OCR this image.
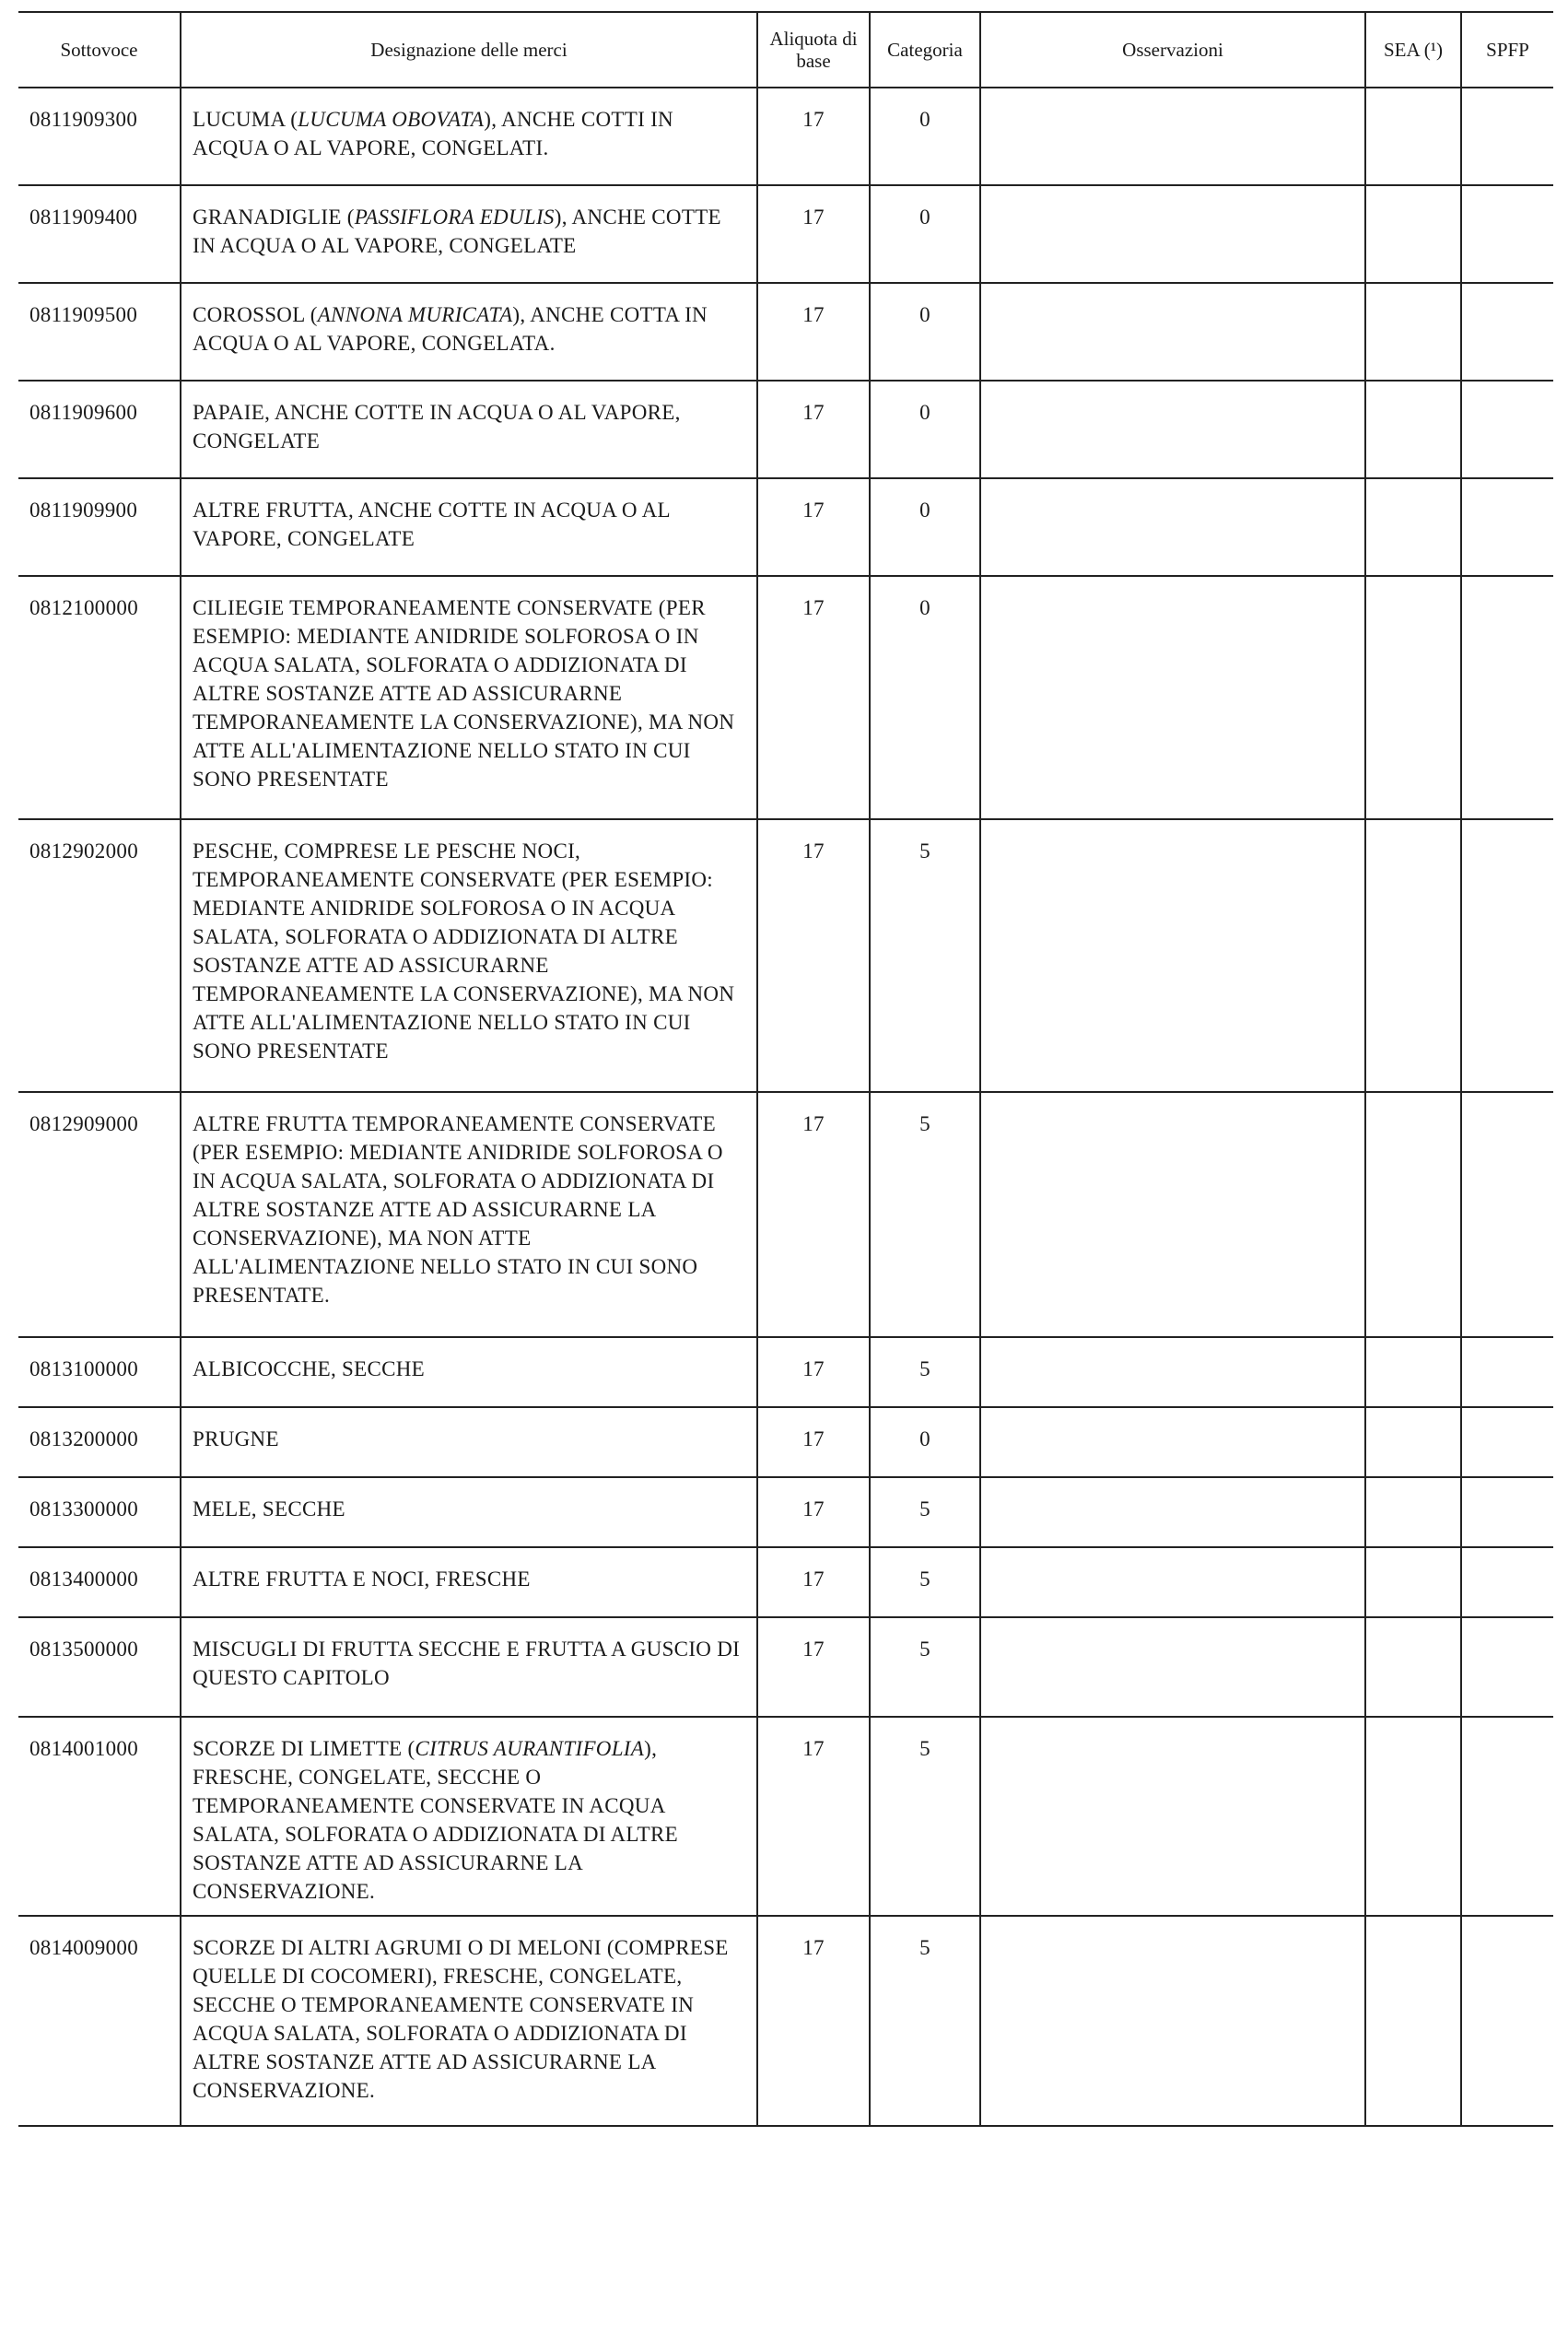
Sottovoce	Designazione delle merci	Aliquota di base	Categoria	Osservazioni	SEA (¹)	SPFP
0811909300	LUCUMA (LUCUMA OBOVATA), ANCHE COTTI IN ACQUA O AL VAPORE, CONGELATI.	17	0			
0811909400	GRANADIGLIE (PASSIFLORA EDULIS), ANCHE COTTE IN ACQUA O AL VAPORE, CONGELATE	17	0			
0811909500	COROSSOL (ANNONA MURICATA), ANCHE COTTA IN ACQUA O AL VAPORE, CONGELATA.	17	0			
0811909600	PAPAIE, ANCHE COTTE IN ACQUA O AL VAPORE, CONGELATE	17	0			
0811909900	ALTRE FRUTTA, ANCHE COTTE IN ACQUA O AL VAPORE, CONGELATE	17	0			
0812100000	CILIEGIE TEMPORANEAMENTE CONSERVATE (PER ESEMPIO: MEDIANTE ANIDRIDE SOLFOROSA O IN ACQUA SALATA, SOLFORATA O ADDIZIONATA DI ALTRE SOSTANZE ATTE AD ASSICURARNE TEMPORANEAMENTE LA CONSERVAZIONE), MA NON ATTE ALL'ALIMENTAZIONE NELLO STATO IN CUI SONO PRESENTATE	17	0			
0812902000	PESCHE, COMPRESE LE PESCHE NOCI, TEMPORANEAMENTE CONSERVATE (PER ESEMPIO: MEDIANTE ANIDRIDE SOLFOROSA O IN ACQUA SALATA, SOLFORATA O ADDIZIONATA DI ALTRE SOSTANZE ATTE AD ASSICURARNE TEMPORANEAMENTE LA CONSERVAZIONE), MA NON ATTE ALL'ALIMENTAZIONE NELLO STATO IN CUI SONO PRESENTATE	17	5			
0812909000	ALTRE FRUTTA TEMPORANEAMENTE CONSERVATE (PER ESEMPIO: MEDIANTE ANIDRIDE SOLFOROSA O IN ACQUA SALATA, SOLFORATA O ADDIZIONATA DI ALTRE SOSTANZE ATTE AD ASSICURARNE LA CONSERVAZIONE), MA NON ATTE ALL'ALIMENTAZIONE NELLO STATO IN CUI SONO PRESENTATE.	17	5			
0813100000	ALBICOCCHE, SECCHE	17	5			
0813200000	PRUGNE	17	0			
0813300000	MELE, SECCHE	17	5			
0813400000	ALTRE FRUTTA E NOCI, FRESCHE	17	5			
0813500000	MISCUGLI DI FRUTTA SECCHE E FRUTTA A GUSCIO DI QUESTO CAPITOLO	17	5			
0814001000	SCORZE DI LIMETTE (CITRUS AURANTIFOLIA), FRESCHE, CONGELATE, SECCHE O TEMPORANEAMENTE CONSERVATE IN ACQUA SALATA, SOLFORATA O ADDIZIONATA DI ALTRE SOSTANZE ATTE AD ASSICURARNE LA CONSERVAZIONE.	17	5			
0814009000	SCORZE DI ALTRI AGRUMI O DI MELONI (COMPRESE QUELLE DI COCOMERI), FRESCHE, CONGELATE, SECCHE O TEMPORANEAMENTE CONSERVATE IN ACQUA SALATA, SOLFORATA O ADDIZIONATA DI ALTRE SOSTANZE ATTE AD ASSICURARNE LA CONSERVAZIONE.	17	5			
